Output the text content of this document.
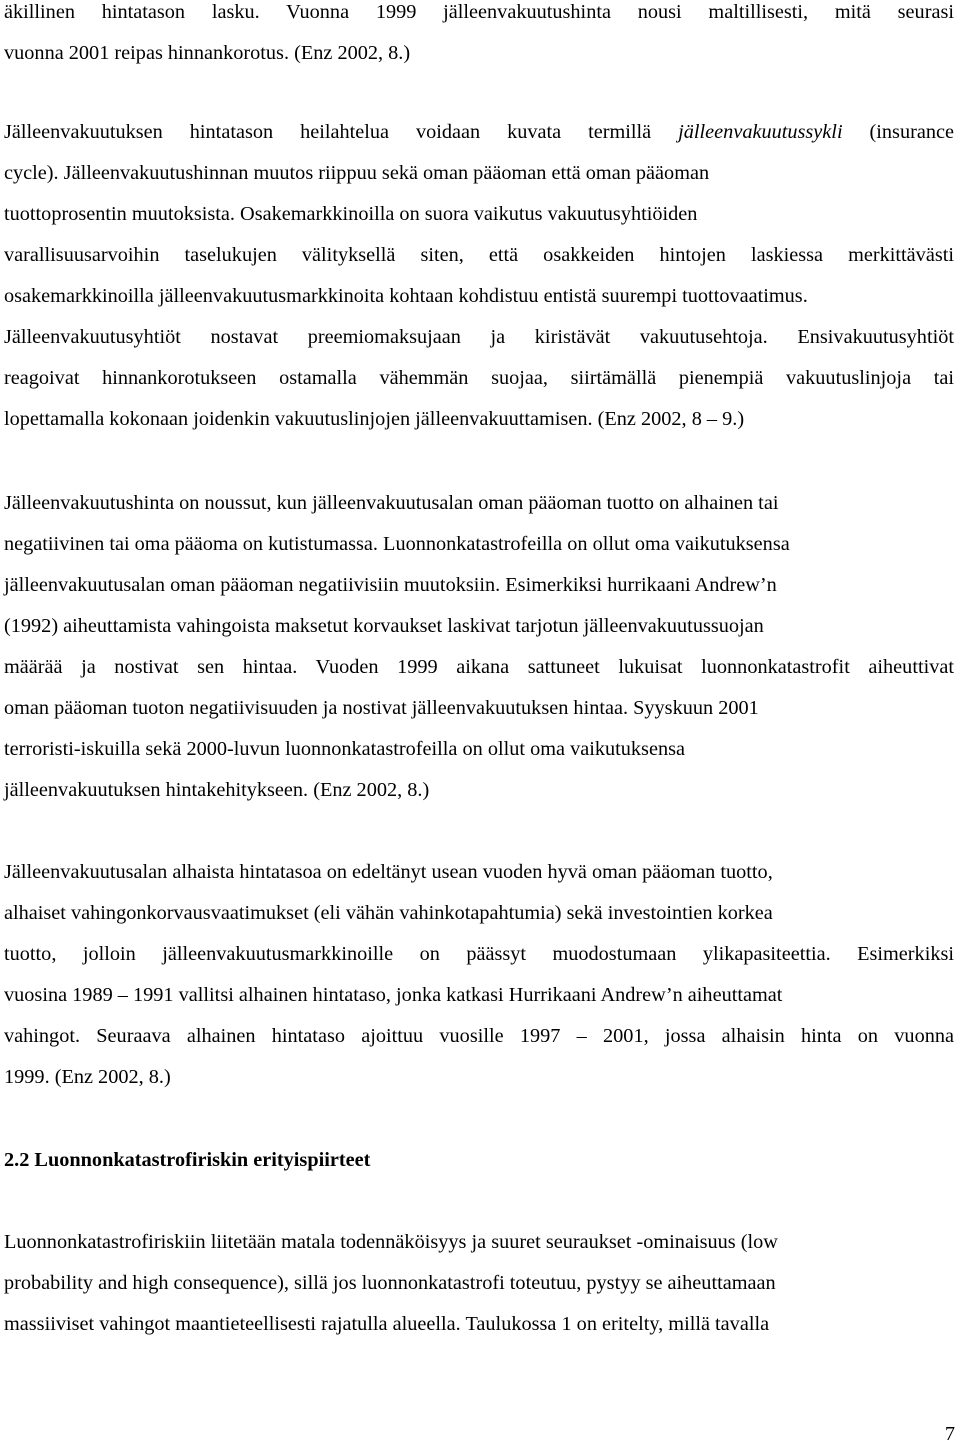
äkillinen hintatason lasku. Vuonna 1999 jälleenvakuutushinta nousi maltillisesti, mitä seurasi
vuonna 2001 reipas hinnankorotus. (Enz 2002, 8.)

Jälleenvakuutuksen hintatason heilahtelua voidaan kuvata termillä jälleenvakuutussykli (insurance
cycle). Jälleenvakuutushinnan muutos riippuu sekä oman pääoman että oman pääoman
tuottoprosentin muutoksista. Osakemarkkinoilla on suora vaikutus vakuutusyhtiöiden
varallisuusarvoihin taselukujen välityksellä siten, että osakkeiden hintojen laskiessa merkittävästi
osakemarkkinoilla jälleenvakuutusmarkkinoita kohtaan kohdistuu entistä suurempi tuottovaatimus.
Jälleenvakuutusyhtiöt nostavat preemiomaksujaan ja kiristävät vakuutusehtoja. Ensivakuutusyhtiöt
reagoivat hinnankorotukseen ostamalla vähemmän suojaa, siirtämällä pienempiä vakuutuslinjoja tai
lopettamalla kokonaan joidenkin vakuutuslinjojen jälleenvakuuttamisen. (Enz 2002, 8 – 9.)

Jälleenvakuutushinta on noussut, kun jälleenvakuutusalan oman pääoman tuotto on alhainen tai
negatiivinen tai oma pääoma on kutistumassa. Luonnonkatastrofeilla on ollut oma vaikutuksensa
jälleenvakuutusalan oman pääoman negatiivisiin muutoksiin. Esimerkiksi hurrikaani Andrew’n
(1992) aiheuttamista vahingoista maksetut korvaukset laskivat tarjotun jälleenvakuutussuojan
määrää ja nostivat sen hintaa. Vuoden 1999 aikana sattuneet lukuisat luonnonkatastrofit aiheuttivat
oman pääoman tuoton negatiivisuuden ja nostivat jälleenvakuutuksen hintaa. Syyskuun 2001
terroristi-iskuilla sekä 2000-luvun luonnonkatastrofeilla on ollut oma vaikutuksensa
jälleenvakuutuksen hintakehitykseen. (Enz 2002, 8.)

Jälleenvakuutusalan alhaista hintatasoa on edeltänyt usean vuoden hyvä oman pääoman tuotto,
alhaiset vahingonkorvausvaatimukset (eli vähän vahinkotapahtumia) sekä investointien korkea
tuotto, jolloin jälleenvakuutusmarkkinoille on päässyt muodostumaan ylikapasiteettia. Esimerkiksi
vuosina 1989 – 1991 vallitsi alhainen hintataso, jonka katkasi Hurrikaani Andrew’n aiheuttamat
vahingot. Seuraava alhainen hintataso ajoittuu vuosille 1997 – 2001, jossa alhaisin hinta on vuonna
1999. (Enz 2002, 8.)

2.2 Luonnonkatastrofiriskin erityispiirteet

Luonnonkatastrofiriskiin liitetään matala todennäköisyys ja suuret seuraukset -ominaisuus (low
probability and high consequence), sillä jos luonnonkatastrofi toteutuu, pystyy se aiheuttamaan
massiiviset vahingot maantieteellisesti rajatulla alueella. Taulukossa 1 on eritelty, millä tavalla

7
